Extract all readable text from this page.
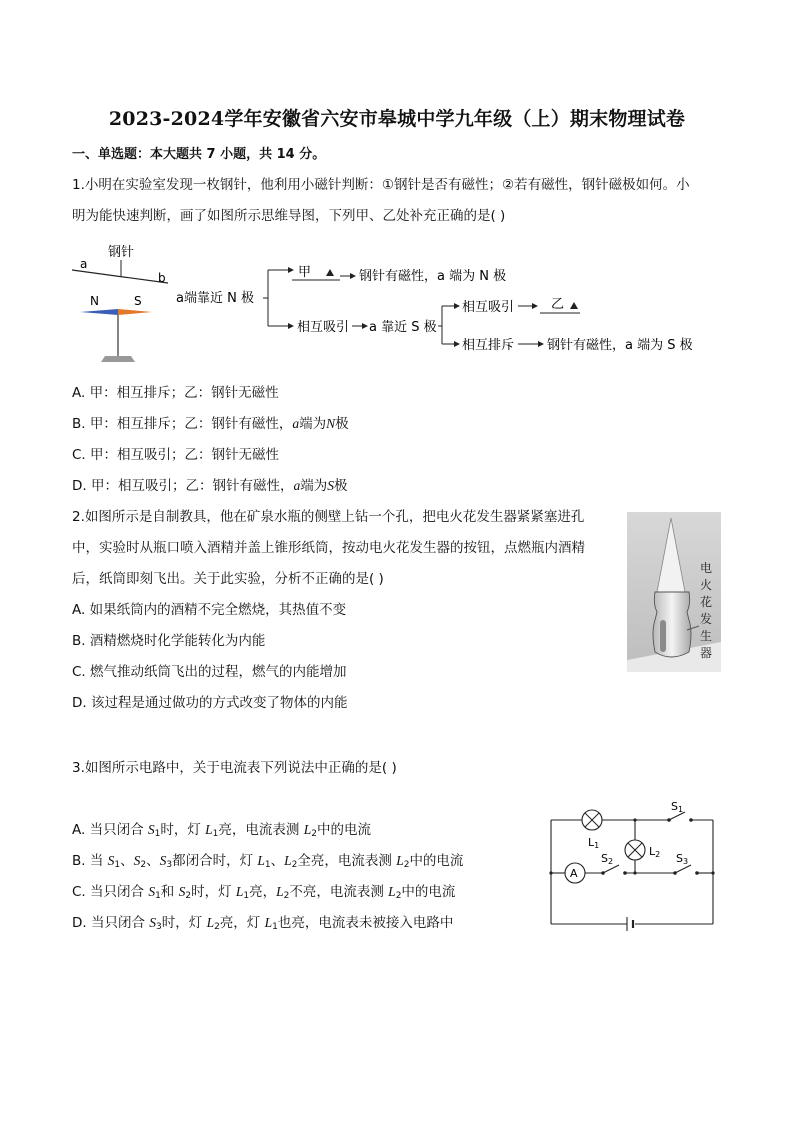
2023-2024学年安徽省六安市皋城中学九年级（上）期末物理试卷
一、单选题：本大题共 7 小题，共 14 分。
1.小明在实验室发现一枚钢针，他利用小磁针判断：①钢针是否有磁性；②若有磁性，钢针磁极如何。小
明为能快速判断，画了如图所示思维导图，下列甲、乙处补充正确的是( )
钢针
a
b
N	S	a端靠近 N 极
甲	钢针有磁性，a 端为 N 极
相互吸引 a 靠近 S 极
相互吸引	乙
相互排斥	钢针有磁性，a 端为 S 极
A. 甲：相互排斥；乙：钢针无磁性
B. 甲：相互排斥；乙：钢针有磁性，a端为N极
C. 甲：相互吸引；乙：钢针无磁性
D. 甲：相互吸引；乙：钢针有磁性，a端为S极
2.如图所示是自制教具，他在矿泉水瓶的侧壁上钻一个孔，把电火花发生器紧紧塞进孔
中，实验时从瓶口喷入酒精并盖上锥形纸筒，按动电火花发生器的按钮，点燃瓶内酒精
后，纸筒即刻飞出。关于此实验，分析不正确的是( )
A. 如果纸筒内的酒精不完全燃烧，其热值不变
B. 酒精燃烧时化学能转化为内能
C. 燃气推动纸筒飞出的过程，燃气的内能增加
D. 该过程是通过做功的方式改变了物体的内能
电
火
花
发
生
器
3.如图所示电路中，关于电流表下列说法中正确的是( )
A. 当只闭合 $S_1$时，灯 $L_1$亮，电流表测 $L_2$中的电流
B. 当 $S_1$、$S_2$、$S_3$都闭合时，灯 $L_1$、$L_2$全亮，电流表测 $L_2$中的电流
C. 当只闭合 $S_1$和 $S_2$时，灯 $L_1$亮，$L_2$不亮，电流表测 $L_2$中的电流
D. 当只闭合 $S_3$时，灯 $L_2$亮，灯 $L_1$也亮，电流表未被接入电路中
L1	L2
A
S1
S2	S3
